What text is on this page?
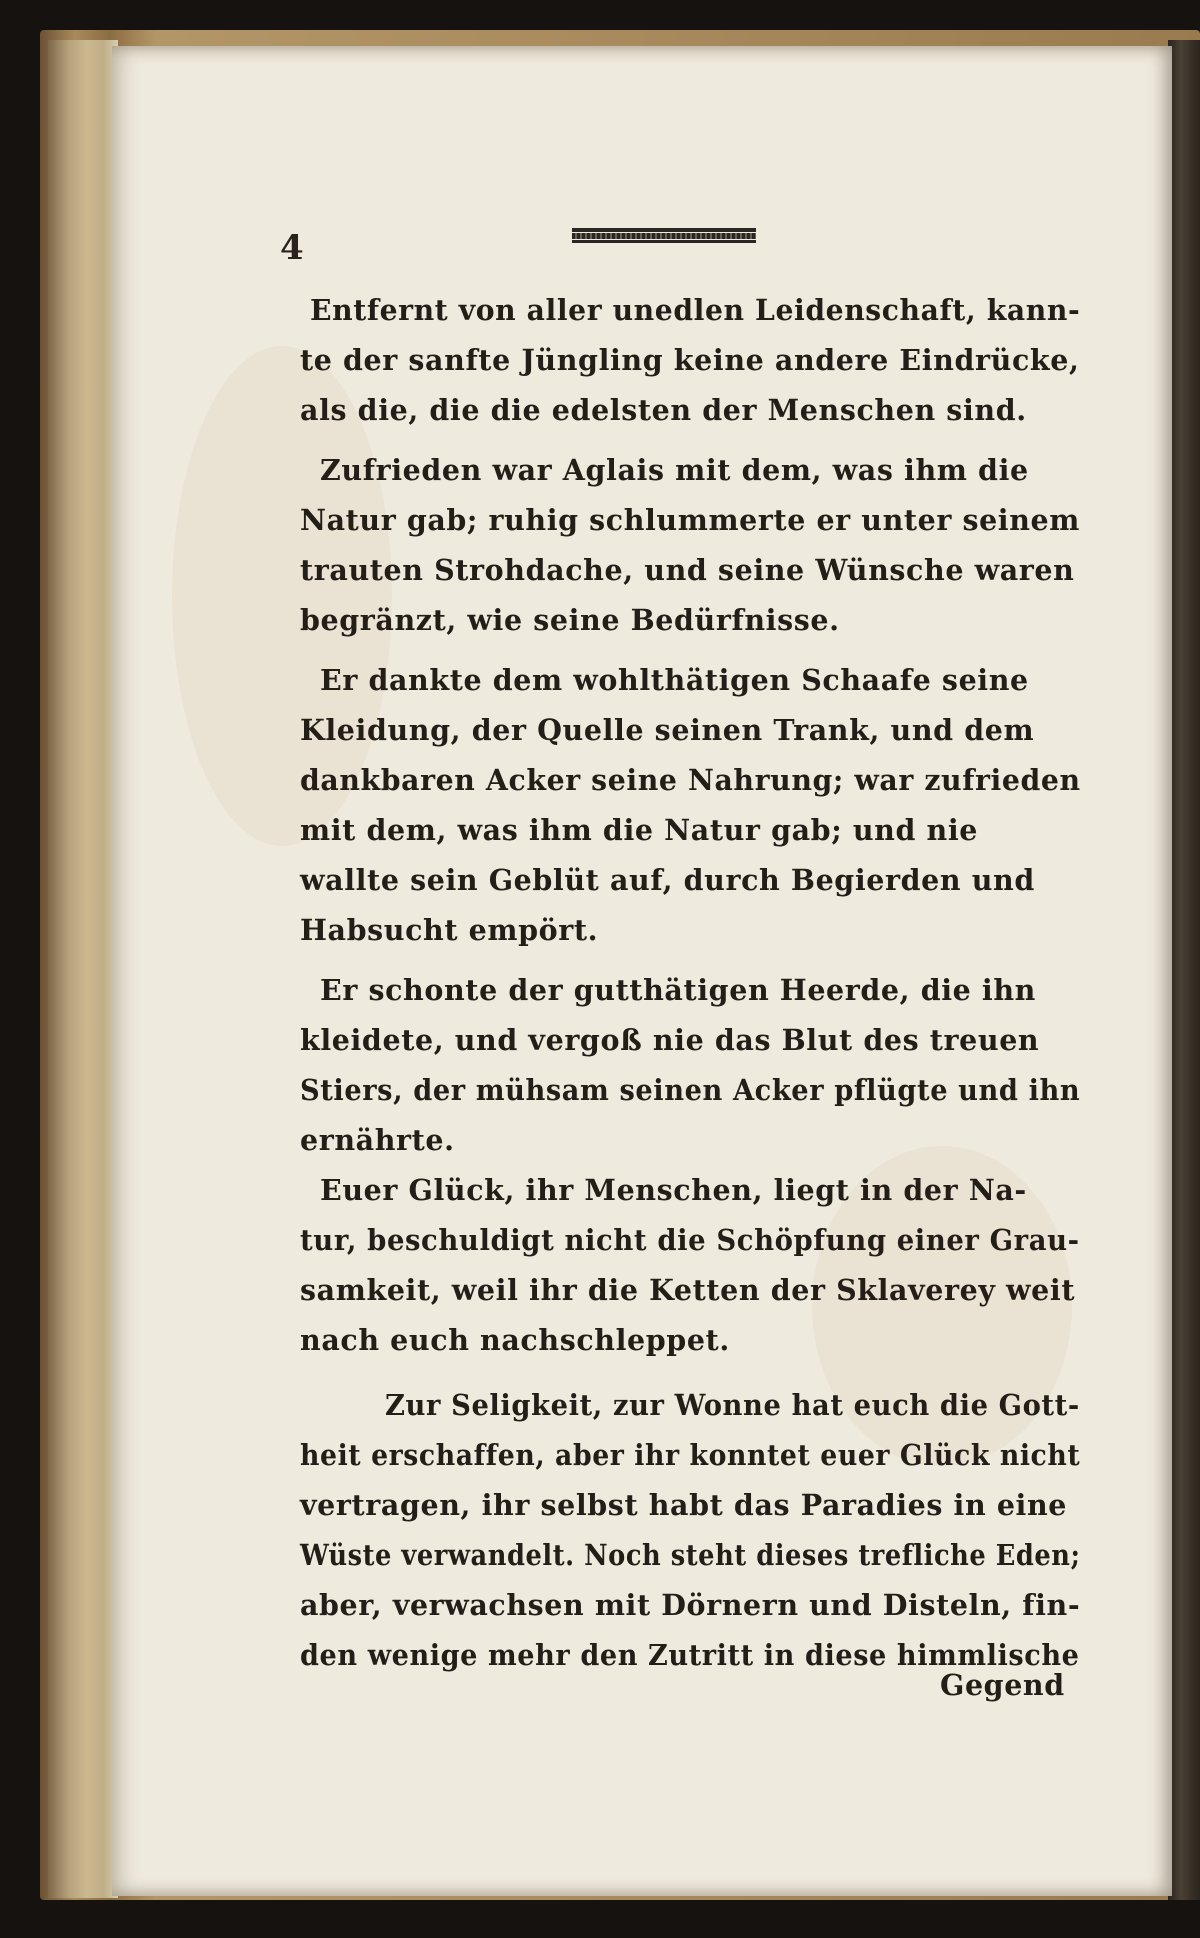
4
Entfernt von aller unedlen Leidenschaft, kann-
te der sanfte Jüngling keine andere Eindrücke,
als die, die die edelsten der Menschen sind.
Zufrieden war Aglais mit dem, was ihm die
Natur gab; ruhig schlummerte er unter seinem
trauten Strohdache, und seine Wünsche waren
begränzt, wie seine Bedürfnisse.
Er dankte dem wohlthätigen Schaafe seine
Kleidung, der Quelle seinen Trank, und dem
dankbaren Acker seine Nahrung; war zufrieden
mit dem, was ihm die Natur gab; und nie
wallte sein Geblüt auf, durch Begierden und
Habsucht empört.
Er schonte der gutthätigen Heerde, die ihn
kleidete, und vergoß nie das Blut des treuen
Stiers, der mühsam seinen Acker pflügte und ihn
ernährte.
Euer Glück, ihr Menschen, liegt in der Na-
tur, beschuldigt nicht die Schöpfung einer Grau-
samkeit, weil ihr die Ketten der Sklaverey weit
nach euch nachschleppet.
Zur Seligkeit, zur Wonne hat euch die Gott-
heit erschaffen, aber ihr konntet euer Glück nicht
vertragen, ihr selbst habt das Paradies in eine
Wüste verwandelt. Noch steht dieses trefliche Eden;
aber, verwachsen mit Dörnern und Disteln, fin-
den wenige mehr den Zutritt in diese himmlische
Gegend
